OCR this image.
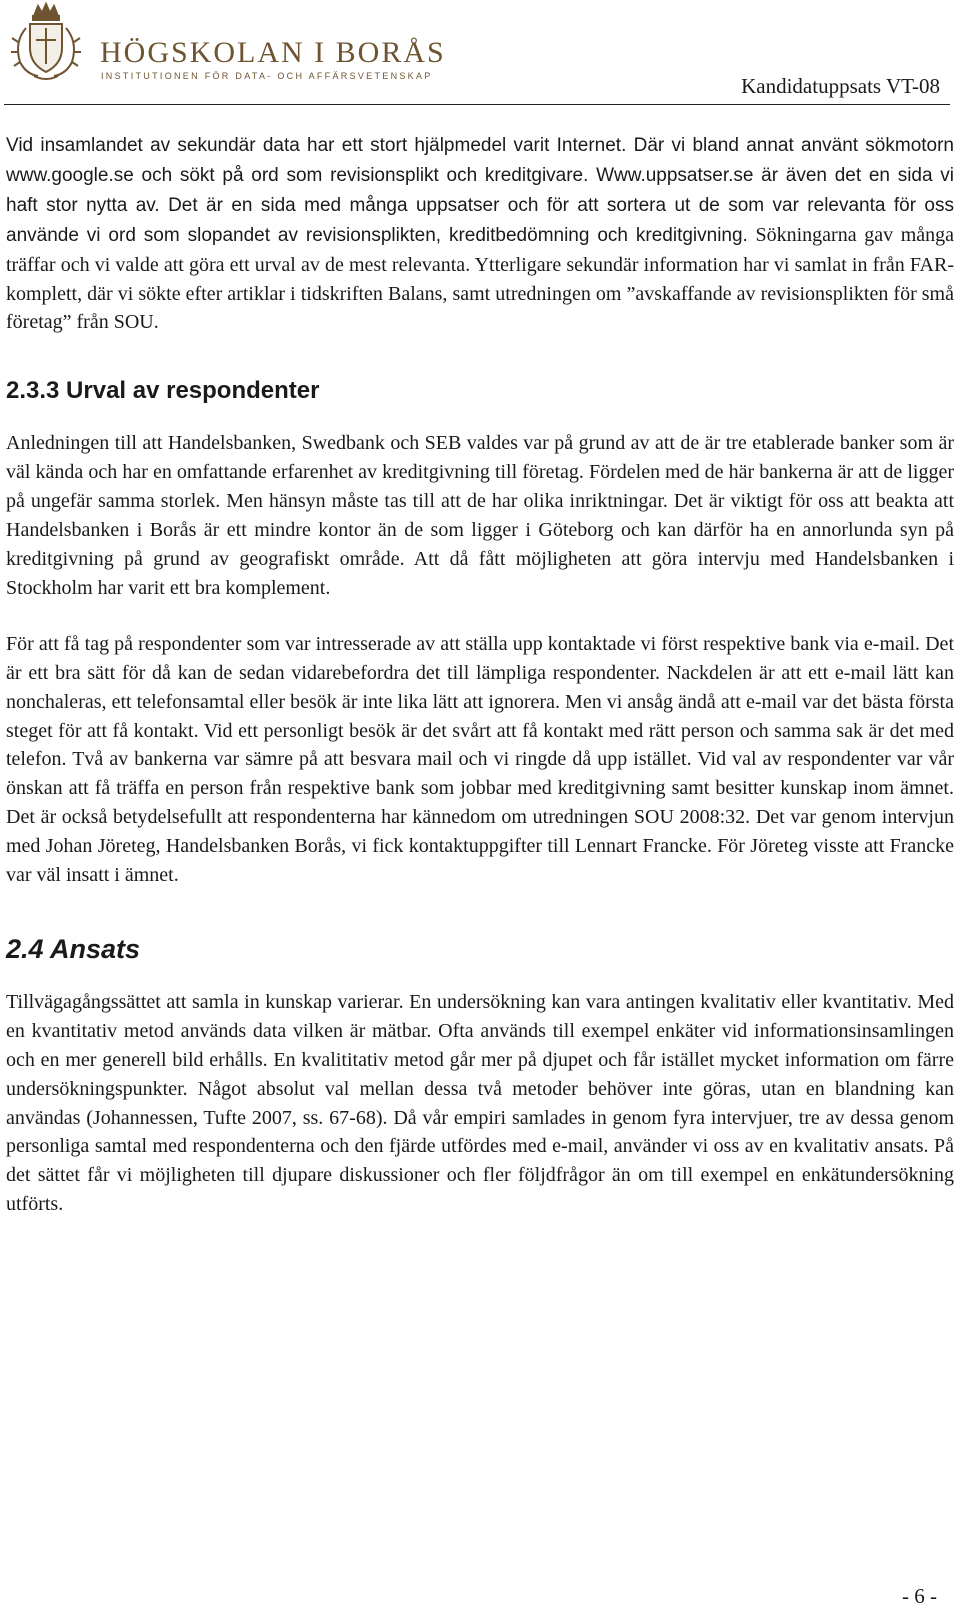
HÖGSKOLAN I BORÅS
INSTITUTIONEN FÖR DATA- OCH AFFÄRSVETENSKAP	Kandidatuppsats VT-08

Vid insamlandet av sekundär data har ett stort hjälpmedel varit Internet. Där vi bland annat använt sökmotorn www.google.se och sökt på ord som revisionsplikt och kreditgivare. Www.uppsatser.se är även det en sida vi haft stor nytta av. Det är en sida med många uppsatser och för att sortera ut de som var relevanta för oss använde vi ord som slopandet av revisionsplikten, kreditbedömning och kreditgivning. Sökningarna gav många träffar och vi valde att göra ett urval av de mest relevanta. Ytterligare sekundär information har vi samlat in från FAR-komplett, där vi sökte efter artiklar i tidskriften Balans, samt utredningen om ”avskaffande av revisionsplikten för små företag” från SOU.

2.3.3 Urval av respondenter

Anledningen till att Handelsbanken, Swedbank och SEB valdes var på grund av att de är tre etablerade banker som är väl kända och har en omfattande erfarenhet av kreditgivning till företag. Fördelen med de här bankerna är att de ligger på ungefär samma storlek. Men hänsyn måste tas till att de har olika inriktningar. Det är viktigt för oss att beakta att Handelsbanken i Borås är ett mindre kontor än de som ligger i Göteborg och kan därför ha en annorlunda syn på kreditgivning på grund av geografiskt område. Att då fått möjligheten att göra intervju med Handelsbanken i Stockholm har varit ett bra komplement.

För att få tag på respondenter som var intresserade av att ställa upp kontaktade vi först respektive bank via e-mail. Det är ett bra sätt för då kan de sedan vidarebefordra det till lämpliga respondenter. Nackdelen är att ett e-mail lätt kan nonchaleras, ett telefonsamtal eller besök är inte lika lätt att ignorera. Men vi ansåg ändå att e-mail var det bästa första steget för att få kontakt. Vid ett personligt besök är det svårt att få kontakt med rätt person och samma sak är det med telefon. Två av bankerna var sämre på att besvara mail och vi ringde då upp istället. Vid val av respondenter var vår önskan att få träffa en person från respektive bank som jobbar med kreditgivning samt besitter kunskap inom ämnet. Det är också betydelsefullt att respondenterna har kännedom om utredningen SOU 2008:32. Det var genom intervjun med Johan Jöreteg, Handelsbanken Borås, vi fick kontaktuppgifter till Lennart Francke. För Jöreteg visste att Francke var väl insatt i ämnet.

2.4 Ansats

Tillvägagångssättet att samla in kunskap varierar. En undersökning kan vara antingen kvalitativ eller kvantitativ. Med en kvantitativ metod används data vilken är mätbar. Ofta används till exempel enkäter vid informationsinsamlingen och en mer generell bild erhålls. En kvalititativ metod går mer på djupet och får istället mycket information om färre undersökningspunkter. Något absolut val mellan dessa två metoder behöver inte göras, utan en blandning kan användas (Johannessen, Tufte 2007, ss. 67-68). Då vår empiri samlades in genom fyra intervjuer, tre av dessa genom personliga samtal med respondenterna och den fjärde utfördes med e-mail, använder vi oss av en kvalitativ ansats. På det sättet får vi möjligheten till djupare diskussioner och fler följdfrågor än om till exempel en enkätundersökning utförts.

- 6 -
